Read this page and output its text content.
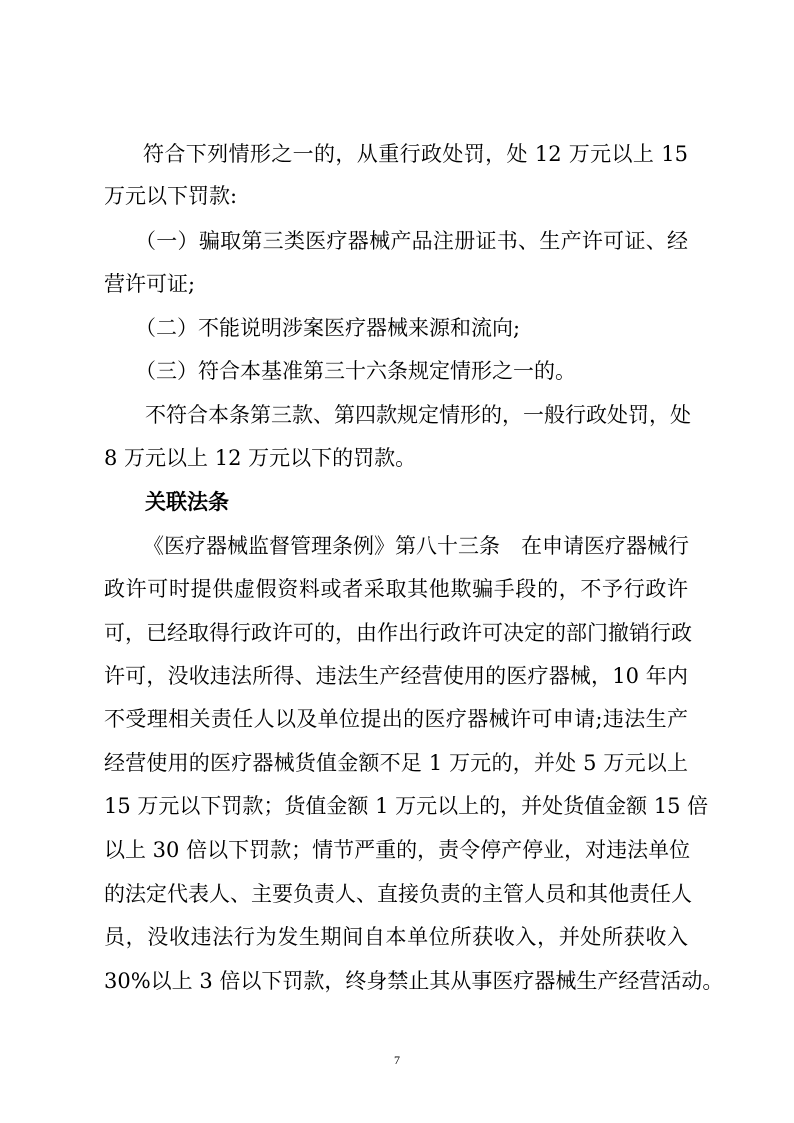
符合下列情形之一的，从重行政处罚，处 12 万元以上 15

万元以下罚款:

（一）骗取第三类医疗器械产品注册证书、生产许可证、经

营许可证;

（二）不能说明涉案医疗器械来源和流向;

（三）符合本基准第三十六条规定情形之一的。

不符合本条第三款、第四款规定情形的，一般行政处罚，处

8 万元以上 12 万元以下的罚款。

关联法条

《医疗器械监督管理条例》第八十三条　在申请医疗器械行

政许可时提供虚假资料或者采取其他欺骗手段的，不予行政许

可，已经取得行政许可的，由作出行政许可决定的部门撤销行政

许可，没收违法所得、违法生产经营使用的医疗器械，10 年内

不受理相关责任人以及单位提出的医疗器械许可申请;违法生产

经营使用的医疗器械货值金额不足 1 万元的，并处 5 万元以上

15 万元以下罚款；货值金额 1 万元以上的，并处货值金额 15 倍

以上 30 倍以下罚款；情节严重的，责令停产停业，对违法单位

的法定代表人、主要负责人、直接负责的主管人员和其他责任人

员，没收违法行为发生期间自本单位所获收入，并处所获收入

30%以上 3 倍以下罚款，终身禁止其从事医疗器械生产经营活动。

7
